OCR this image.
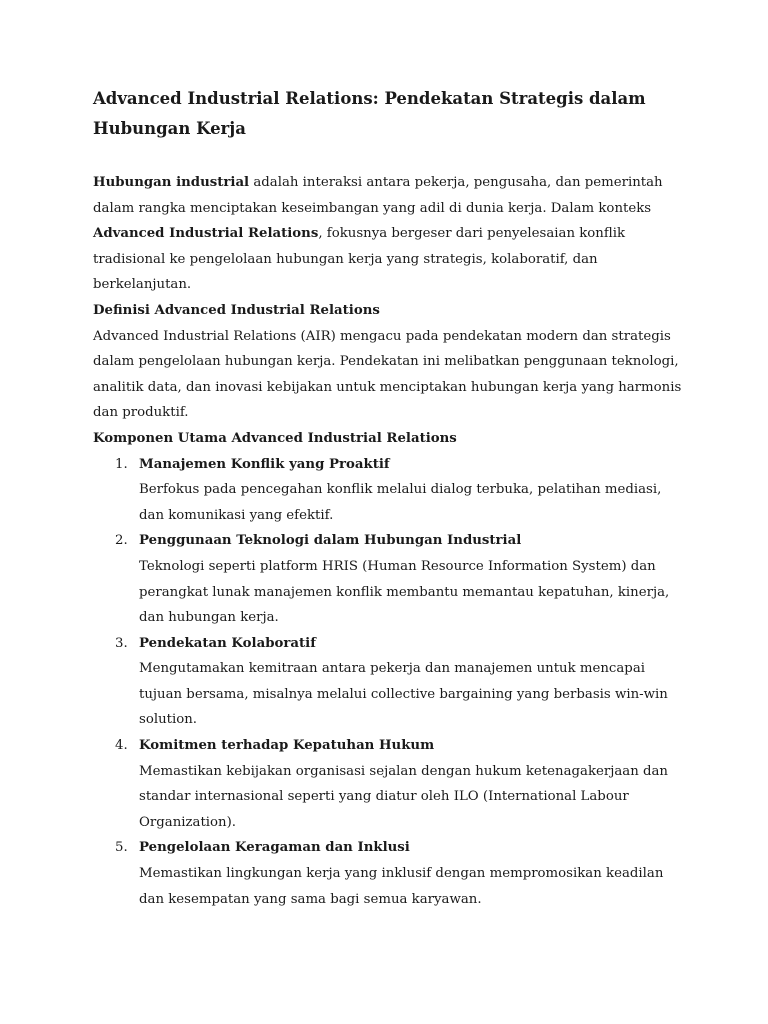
Advanced Industrial Relations: Pendekatan Strategis dalam Hubungan Kerja

Hubungan industrial adalah interaksi antara pekerja, pengusaha, dan pemerintah dalam rangka menciptakan keseimbangan yang adil di dunia kerja. Dalam konteks Advanced Industrial Relations, fokusnya bergeser dari penyelesaian konflik tradisional ke pengelolaan hubungan kerja yang strategis, kolaboratif, dan berkelanjutan.

Definisi Advanced Industrial Relations

Advanced Industrial Relations (AIR) mengacu pada pendekatan modern dan strategis dalam pengelolaan hubungan kerja. Pendekatan ini melibatkan penggunaan teknologi, analitik data, dan inovasi kebijakan untuk menciptakan hubungan kerja yang harmonis dan produktif.

Komponen Utama Advanced Industrial Relations
1. Manajemen Konflik yang Proaktif
Berfokus pada pencegahan konflik melalui dialog terbuka, pelatihan mediasi, dan komunikasi yang efektif.
2. Penggunaan Teknologi dalam Hubungan Industrial
Teknologi seperti platform HRIS (Human Resource Information System) dan perangkat lunak manajemen konflik membantu memantau kepatuhan, kinerja, dan hubungan kerja.
3. Pendekatan Kolaboratif
Mengutamakan kemitraan antara pekerja dan manajemen untuk mencapai tujuan bersama, misalnya melalui collective bargaining yang berbasis win-win solution.
4. Komitmen terhadap Kepatuhan Hukum
Memastikan kebijakan organisasi sejalan dengan hukum ketenagakerjaan dan standar internasional seperti yang diatur oleh ILO (International Labour Organization).
5. Pengelolaan Keragaman dan Inklusi
Memastikan lingkungan kerja yang inklusif dengan mempromosikan keadilan dan kesempatan yang sama bagi semua karyawan.
